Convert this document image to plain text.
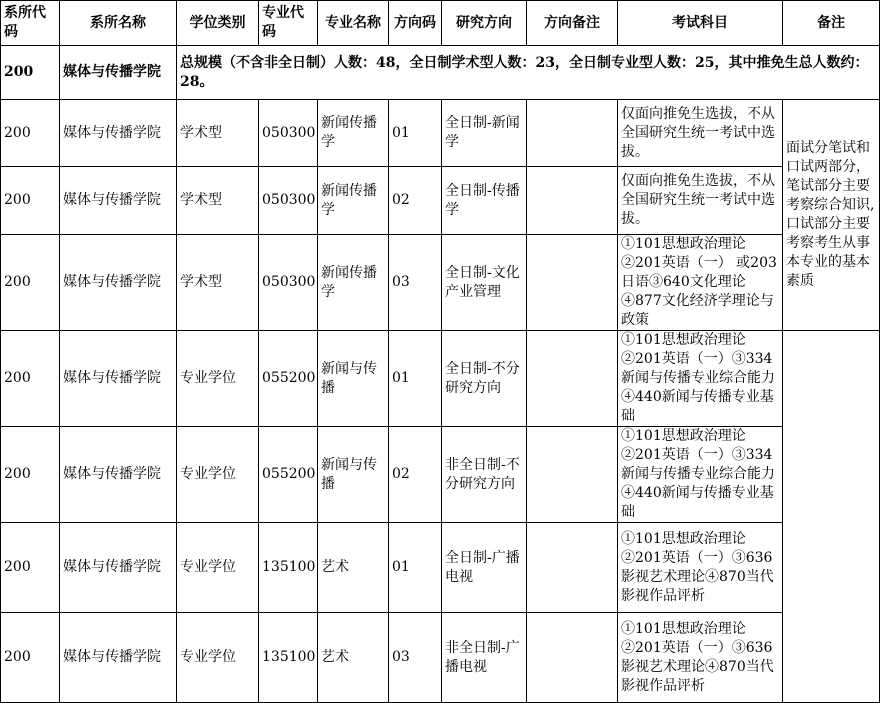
系所代码	系所名称	学位类别	专业代码	专业名称	方向码	研究方向	方向备注	考试科目	备注
200	媒体与传播学院	总规模（不含非全日制）人数：48，全日制学术型人数：23，全日制专业型人数：25，其中推免生总人数约：28。							
200	媒体与传播学院	学术型	050300	新闻传播学	01	全日制-新闻学		仅面向推免生选拔，不从全国研究生统一考试中选拔。	面试分笔试和口试两部分，笔试部分主要考察综合知识,口试部分主要考察考生从事本专业的基本素质
200	媒体与传播学院	学术型	050300	新闻传播学	02	全日制-传播学		仅面向推免生选拔，不从全国研究生统一考试中选拔。	
200	媒体与传播学院	学术型	050300	新闻传播学	03	全日制-文化产业管理		①101思想政治理论②201英语（一） 或203日语③640文化理论④877文化经济学理论与政策	
200	媒体与传播学院	专业学位	055200	新闻与传播	01	全日制-不分研究方向		①101思想政治理论②201英语（一）③334新闻与传播专业综合能力④440新闻与传播专业基础	
200	媒体与传播学院	专业学位	055200	新闻与传播	02	非全日制-不分研究方向		①101思想政治理论②201英语（一）③334新闻与传播专业综合能力④440新闻与传播专业基础	
200	媒体与传播学院	专业学位	135100	艺术	01	全日制-广播电视		①101思想政治理论②201英语（一）③636影视艺术理论④870当代影视作品评析	
200	媒体与传播学院	专业学位	135100	艺术	03	非全日制-广播电视		①101思想政治理论②201英语（一）③636影视艺术理论④870当代影视作品评析	
